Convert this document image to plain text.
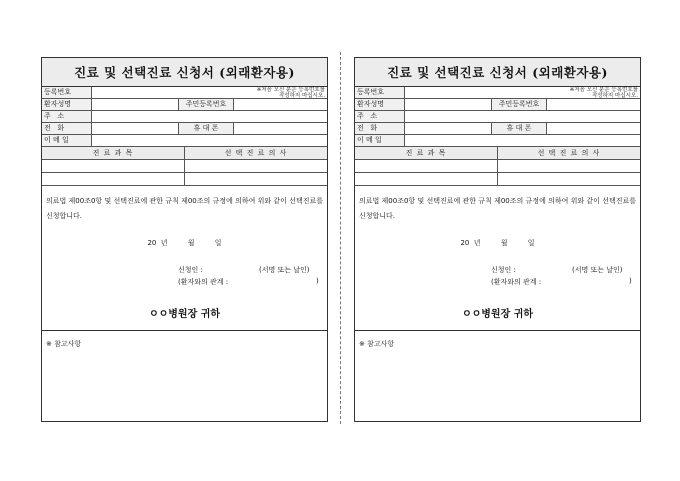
진료 및 선택진료 신청서 (외래환자용)
등록번호	※처음 오신 분은 등록번호를
작성하지 마십시오.
환자성명	주민등록번호
주   소
전   화	휴 대 폰
이 메 일
진 료 과 목	선 택 진 료 의 사
의료법 제00조0항 및 선택진료에 관한 규칙 제00조의 규정에 의하여 위와 같이 선택진료를 신청합니다.
20  년	월	일
신청인 :	(서명 또는 날인)
(환자와의 관계 :	)
ㅇㅇ병원장 귀하
※ 참고사항
진료 및 선택진료 신청서 (외래환자용)
등록번호	※처음 오신 분은 등록번호를
작성하지 마십시오.
환자성명	주민등록번호
주   소
전   화	휴 대 폰
이 메 일
진 료 과 목	선 택 진 료 의 사
의료법 제00조0항 및 선택진료에 관한 규칙 제00조의 규정에 의하여 위와 같이 선택진료를 신청합니다.
20  년	월	일
신청인 :	(서명 또는 날인)
(환자와의 관계 :	)
ㅇㅇ병원장 귀하
※ 참고사항
